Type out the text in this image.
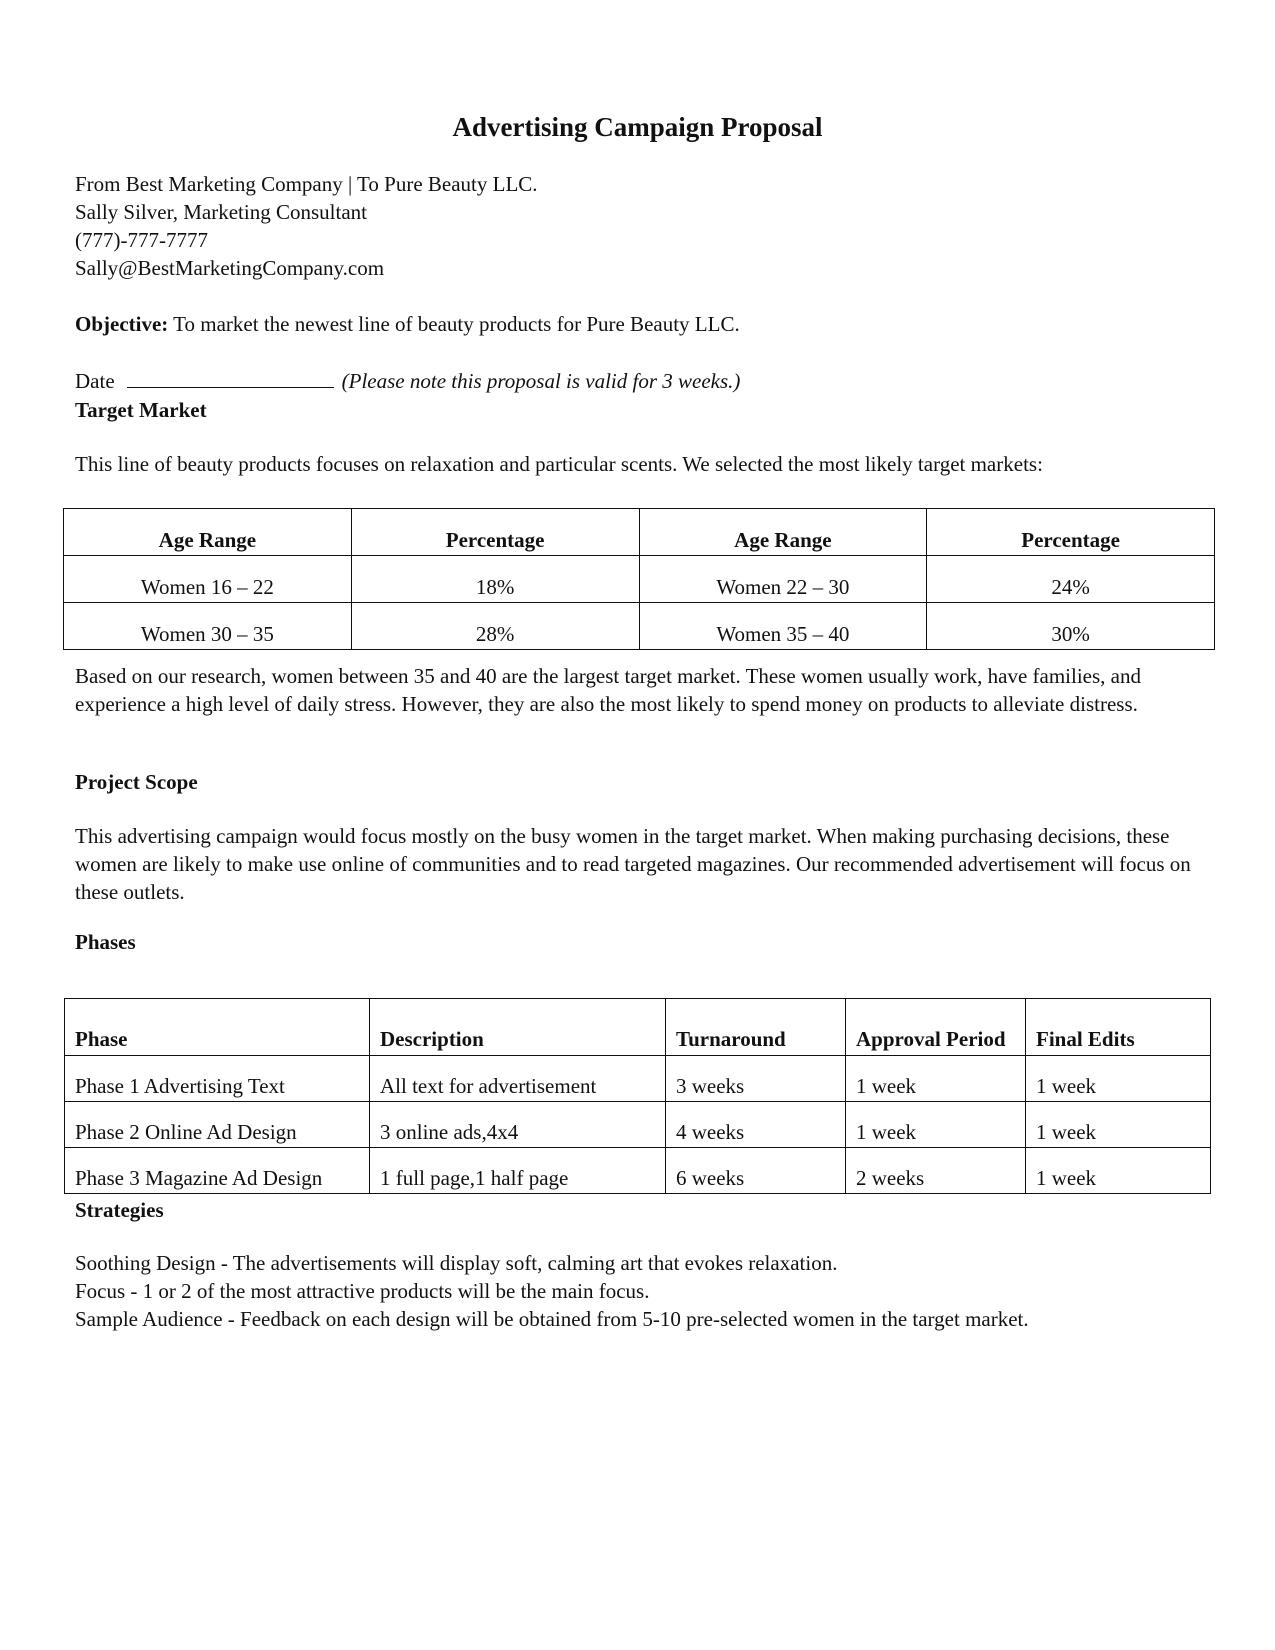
Advertising Campaign Proposal
From Best Marketing Company | To Pure Beauty LLC.
Sally Silver, Marketing Consultant
(777)-777-7777
Sally@BestMarketingCompany.com
Objective: To market the newest line of beauty products for Pure Beauty LLC.
Date	(Please note this proposal is valid for 3 weeks.)
Target Market
This line of beauty products focuses on relaxation and particular scents. We selected the most likely target markets:
Age Range	Percentage	Age Range	Percentage
Women 16 – 22	18%	Women 22 – 30	24%
Women 30 – 35	28%	Women 35 – 40	30%
Based on our research, women between 35 and 40 are the largest target market. These women usually work, have families, and experience a high level of daily stress. However, they are also the most likely to spend money on products to alleviate distress.
Project Scope
This advertising campaign would focus mostly on the busy women in the target market. When making purchasing decisions, these women are likely to make use online of communities and to read targeted magazines. Our recommended advertisement will focus on these outlets.
Phases
Phase	Description	Turnaround	Approval Period	Final Edits
Phase 1 Advertising Text	All text for advertisement	3 weeks	1 week	1 week
Phase 2 Online Ad Design	3 online ads,4x4	4 weeks	1 week	1 week
Phase 3 Magazine Ad Design	1 full page,1 half page	6 weeks	2 weeks	1 week
Strategies
Soothing Design - The advertisements will display soft, calming art that evokes relaxation.
Focus - 1 or 2 of the most attractive products will be the main focus.
Sample Audience - Feedback on each design will be obtained from 5-10 pre-selected women in the target market.
